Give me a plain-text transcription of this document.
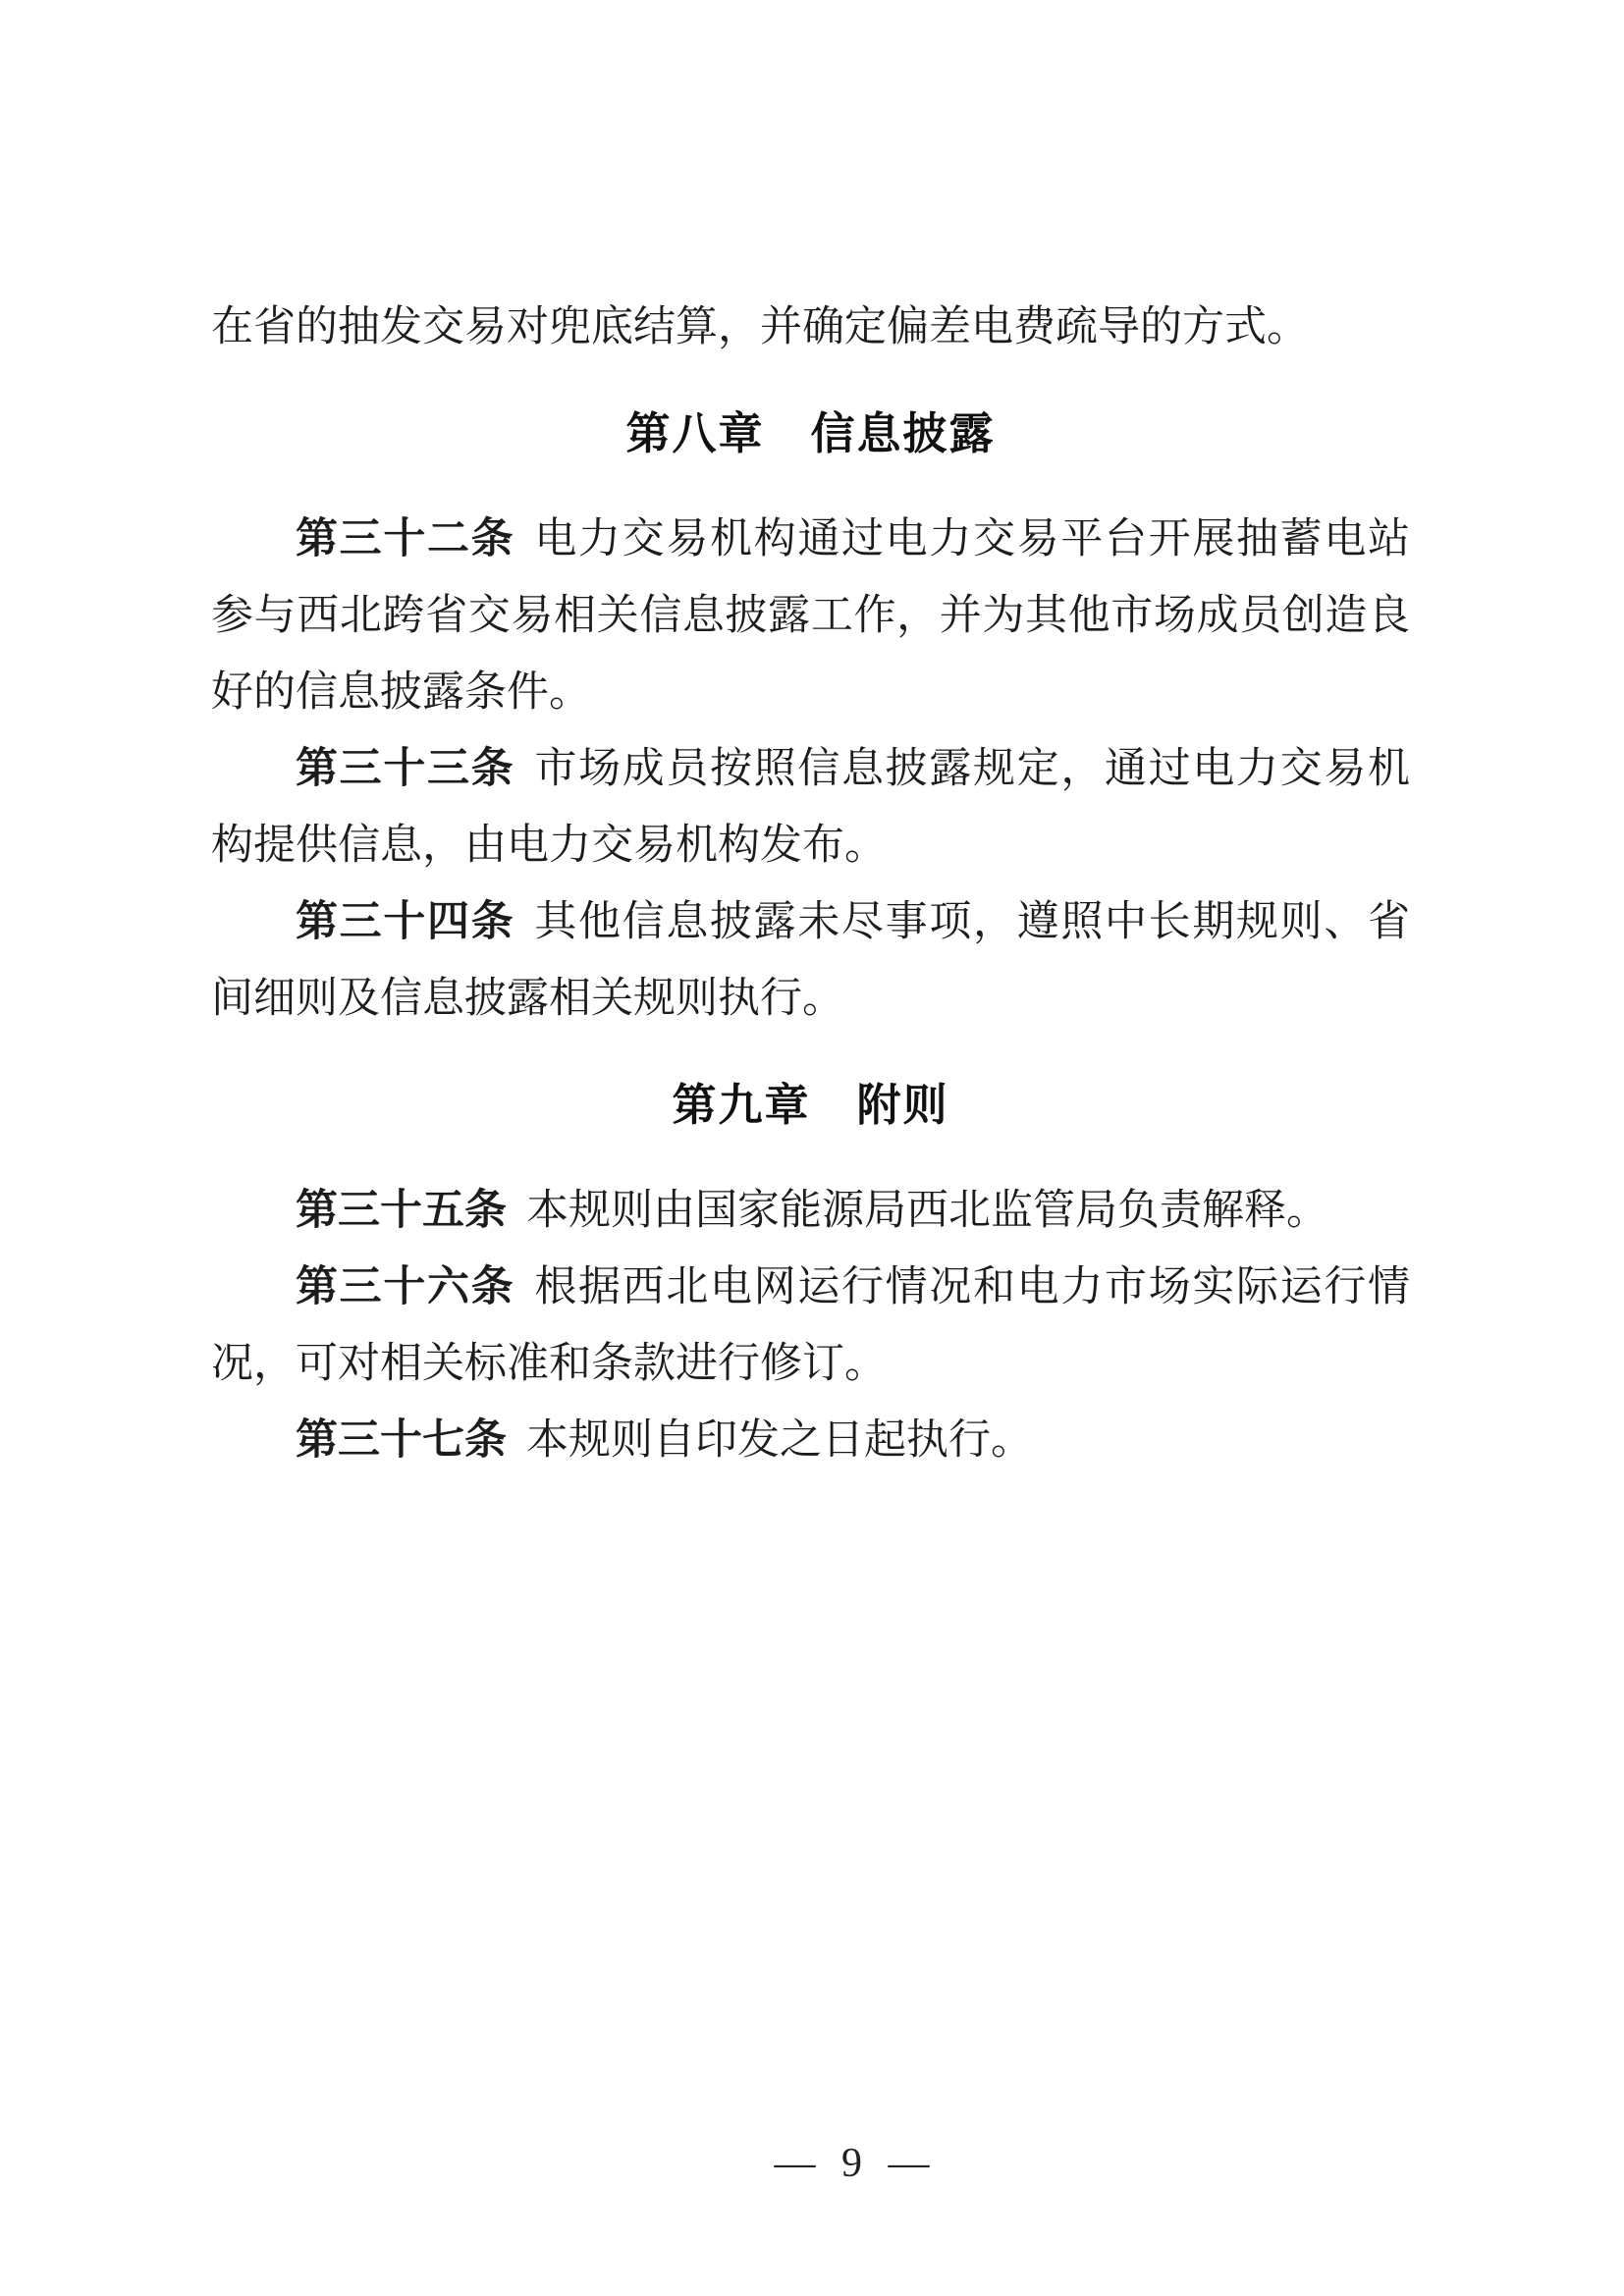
在省的抽发交易对兜底结算，并确定偏差电费疏导的方式。

第八章　信息披露

第三十二条 电力交易机构通过电力交易平台开展抽蓄电站参与西北跨省交易相关信息披露工作，并为其他市场成员创造良好的信息披露条件。

第三十三条 市场成员按照信息披露规定，通过电力交易机构提供信息，由电力交易机构发布。

第三十四条 其他信息披露未尽事项，遵照中长期规则、省间细则及信息披露相关规则执行。

第九章　附则

第三十五条 本规则由国家能源局西北监管局负责解释。

第三十六条 根据西北电网运行情况和电力市场实际运行情况，可对相关标准和条款进行修订。

第三十七条 本规则自印发之日起执行。

— 9 —
